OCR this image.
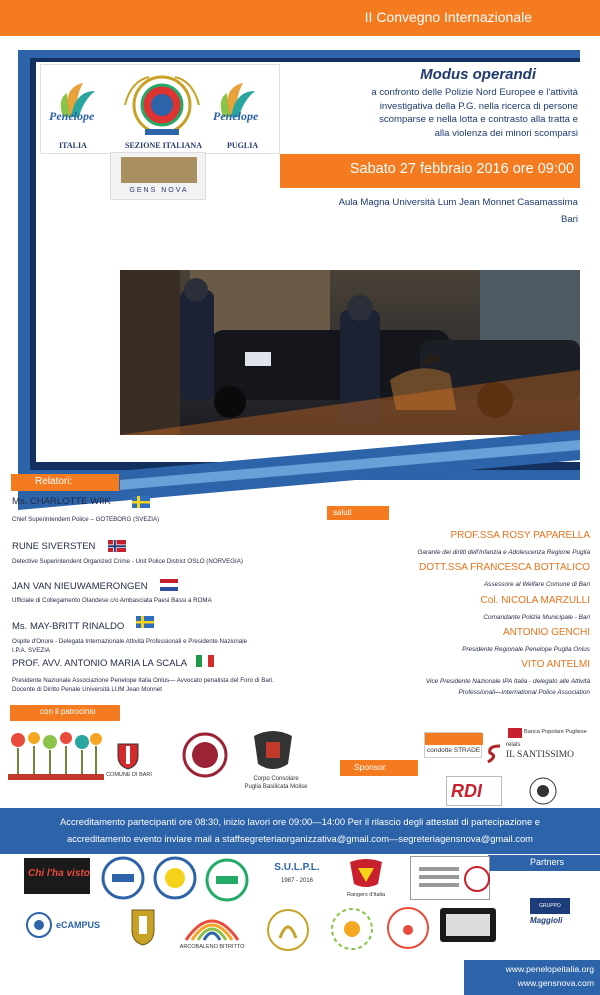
II Convegno Internazionale
Penelope
ITALIA	SEZIONE ITALIANA
Penelope
PUGLIA
GENS NOVA
Modus operandi
a confronto delle Polizie Nord Europee e l'attività
investigativa della P.G. nella ricerca di persone
scomparse e nella lotta e contrasto alla tratta e
alla violenza dei minori scomparsi
Sabato 27 febbraio 2016 ore 09:00
Aula Magna Università Lum Jean Monnet Casamassima
Bari
Relatori:
Ms. CHARLOTTE WIIK
Chief Superintendent Police – GOTEBORG (SVEZIA)
RUNE SIVERSTEN
Detective Superintendent Organized Crime - Unit Police District OSLO (NORVEGIA)
JAN VAN NIEUWAMERONGEN
Ufficiale di Collegamento Olandese c/o Ambasciata Paesi Bassi a ROMA
Ms. MAY-BRITT RINALDO
Ospite d'Onore - Delegata Internazionale Attività Professionali e Presidente Nazionale
I.P.A. SVEZIA
PROF. AVV. ANTONIO MARIA LA SCALA
Presidente Nazionale Associazione Penelope Italia Onlus— Avvocato penalista del Foro di Bari.
Docente di Diritto Penale Università LUM Jean Monnet
saluti
PROF.SSA ROSY PAPARELLA
Garante dei diritti dell'Infanzia e Adolescenza Regione Puglia
DOTT.SSA FRANCESCA BOTTALICO
Assessore al Welfare Comune di Bari
Col. NICOLA MARZULLI
Comandante Polizia Municipale - Bari
ANTONIO GENCHI
Presidente Regionale Penelope Puglia Onlus
VITO ANTELMI
Vice Presidente Nazionale IPA Italia - delegato alle Attività
Professionali—International Police Association
con il patrocinio
COMUNE DI BARI
Corpo Consolare
Puglia Basilicata Molise
Sponsor
condotte STRADE
Banca Popolare Pugliese
relais
IL SANTISSIMO
RDI

Accreditamento partecipanti ore 08:30, inizio lavori ore 09:00—14:00 Per il rilascio degli attestati di partecipazione e

accreditamento evento inviare mail a staffsegreteriaorganizzativa@gmail.com—segreteriagensnova@gmail.com

Partners
Chi l'ha visto
S.U.L.P.L.
1987 - 2016
Rangers d'Italia
eCAMPUS
ARCOBALENO BITRITTO
GRUPPO
Maggioli

www.penelopeitalia.org

www.gensnova.com
